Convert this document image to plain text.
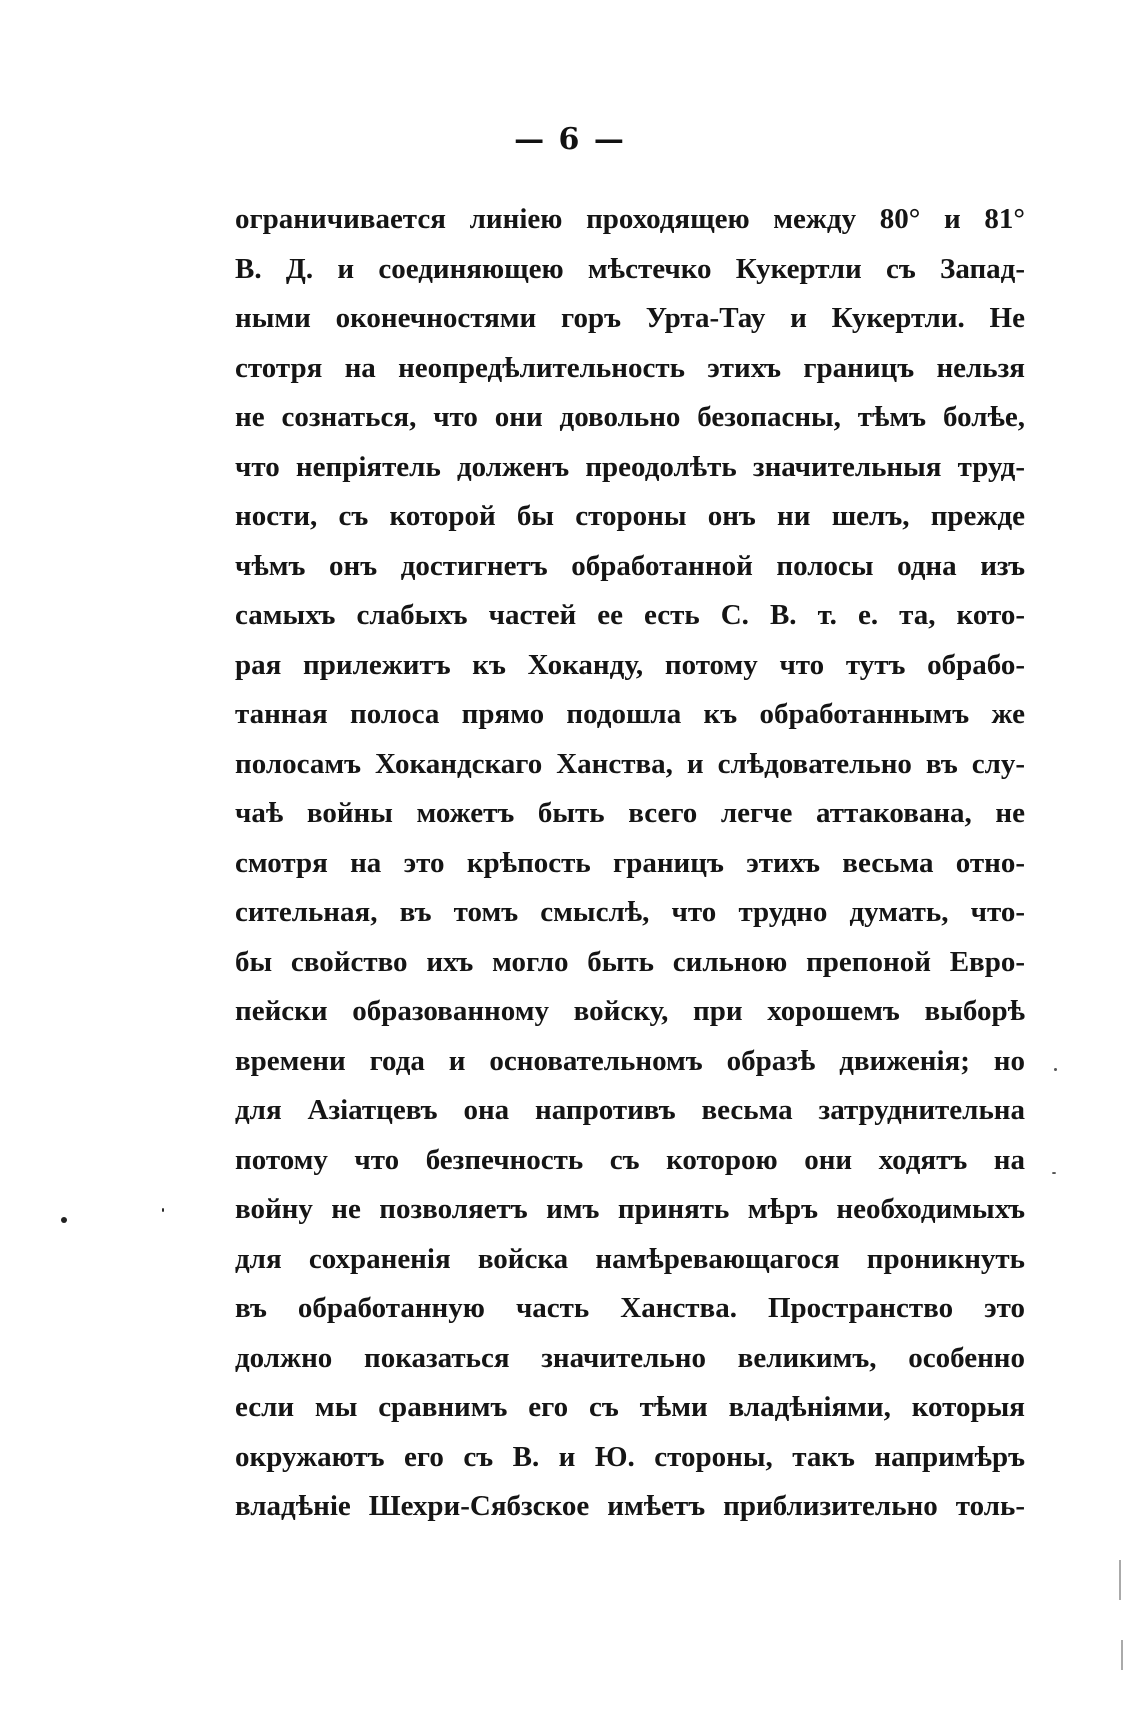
— 6 —
ограничивается линіею проходящею между 80° и 81°
В. Д. и соединяющею мѣстечко Кукертли съ Запад-
ными оконечностями горъ Урта-Тау и Кукертли. Не
стотря на неопредѣлительность этихъ границъ нельзя
не сознаться, что они довольно безопасны, тѣмъ болѣе,
что непріятель долженъ преодолѣть значительныя труд-
ности, съ которой бы стороны онъ ни шелъ, прежде
чѣмъ онъ достигнетъ обработанной полосы одна изъ
самыхъ слабыхъ частей ее есть С. В. т. е. та, кото-
рая прилежитъ къ Хоканду, потому что тутъ обрабо-
танная полоса прямо подошла къ обработаннымъ же
полосамъ Хокандскаго Ханства, и слѣдовательно въ слу-
чаѣ войны можетъ быть всего легче аттакована, не
смотря на это крѣпость границъ этихъ весьма отно-
сительная, въ томъ смыслѣ, что трудно думать, что-
бы свойство ихъ могло быть сильною препоной Евро-
пейски образованному войску, при хорошемъ выборѣ
времени года и основательномъ образѣ движенія; но
для Азіатцевъ она напротивъ весьма затруднительна
потому что безпечность съ которою они ходятъ на
войну не позволяетъ имъ принять мѣръ необходимыхъ
для сохраненія войска намѣревающагося проникнуть
въ обработанную часть Ханства. Пространство это
должно показаться значительно великимъ, особенно
если мы сравнимъ его съ тѣми владѣніями, которыя
окружаютъ его съ В. и Ю. стороны, такъ напримѣръ
владѣніе Шехри-Сябзское имѣетъ приблизительно толь-
